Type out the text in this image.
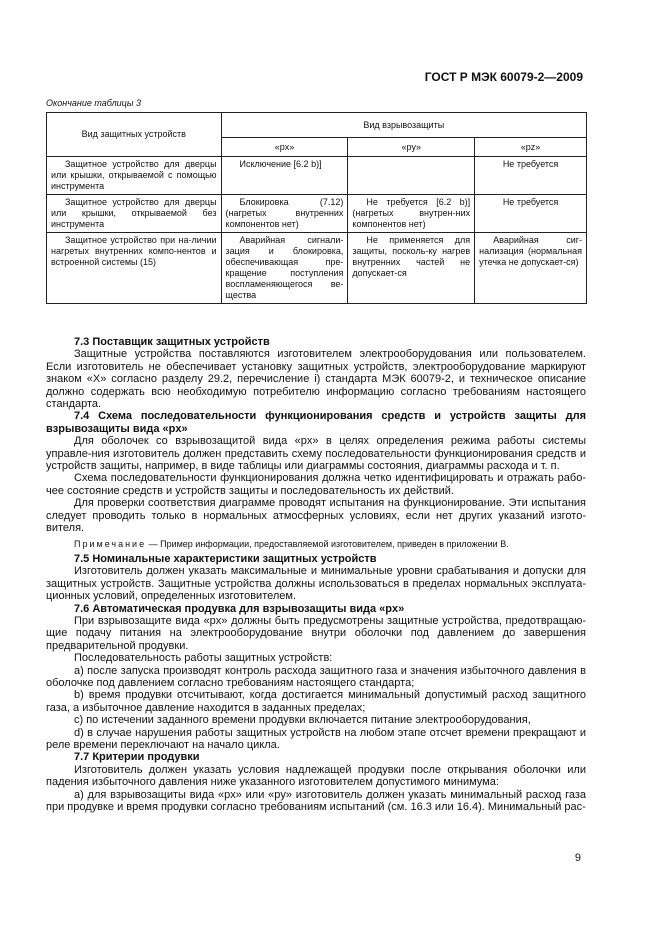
ГОСТ Р МЭК 60079-2—2009
Окончание таблицы 3
Вид защитных устройств	Вид взрывозащиты		
	«px»	«py»	«pz»
Защитное устройство для дверцы или крышки, открываемой с помощью инструмента	Исключение [6.2 b)]		Не требуется
Защитное устройство для дверцы или крышки, открываемой без инструмента	Блокировка (7.12) (нагретых внутренних компонентов нет)	Не требуется [6.2 b)](нагретых внутрен-них компонентов нет)	Не требуется
Защитное устройство при на-личии нагретых внутренних компо-нентов и встроенной системы (15)	Аварийная сигнали-зация и блокировка, обеспечивающая пре-кращение поступления воспламеняющегося ве-щества	Не применяется для защиты, посколь-ку нагрев внутренних частей не допускает-ся	Аварийная сиг-нализация (нормальная утечка не допускает-ся)

7.3 Поставщик защитных устройств

Защитные устройства поставляются изготовителем электрооборудования или пользователем. Если изготовитель не обеспечивает установку защитных устройств, электрооборудование маркируют знаком «X» согласно разделу 29.2, перечисление i) стандарта МЭК 60079-2, и техническое описание должно содержать всю необходимую потребителю информацию согласно требованиям настоящего стандарта.

7.4 Схема последовательности функционирования средств и устройств защиты для взрывозащиты вида «px»

Для оболочек со взрывозащитой вида «px» в целях определения режима работы системы управле-ния изготовитель должен представить схему последовательности функционирования средств и устройств защиты, например, в виде таблицы или диаграммы состояния, диаграммы расхода и т. п.

Схема последовательности функционирования должна четко идентифицировать и отражать рабо-чее состояние средств и устройств защиты и последовательность их действий.

Для проверки соответствия диаграмме проводят испытания на функционирование. Эти испытания следует проводить только в нормальных атмосферных условиях, если нет других указаний изгото-вителя.

Примечание — Пример информации, предоставляемой изготовителем, приведен в приложении В.

7.5 Номинальные характеристики защитных устройств

Изготовитель должен указать максимальные и минимальные уровни срабатывания и допуски для защитных устройств. Защитные устройства должны использоваться в пределах нормальных эксплуата-ционных условий, определенных изготовителем.

7.6 Автоматическая продувка для взрывозащиты вида «px»

При взрывозащите вида «px» должны быть предусмотрены защитные устройства, предотвращаю-щие подачу питания на электрооборудование внутри оболочки под давлением до завершения предварительной продувки.

Последовательность работы защитных устройств:

a) после запуска производят контроль расхода защитного газа и значения избыточного давления в оболочке под давлением согласно требованиям настоящего стандарта;

b) время продувки отсчитывают, когда достигается минимальный допустимый расход защитного газа, а избыточное давление находится в заданных пределах;

c) по истечении заданного времени продувки включается питание электрооборудования,

d) в случае нарушения работы защитных устройств на любом этапе отсчет времени прекращают и реле времени переключают на начало цикла.

7.7 Критерии продувки

Изготовитель должен указать условия надлежащей продувки после открывания оболочки или падения избыточного давления ниже указанного изготовителем допустимого минимума:

a) для взрывозащиты вида «px» или «py» изготовитель должен указать минимальный расход газа при продувке и время продувки согласно требованиям испытаний (см. 16.3 или 16.4). Минимальный рас-

9
